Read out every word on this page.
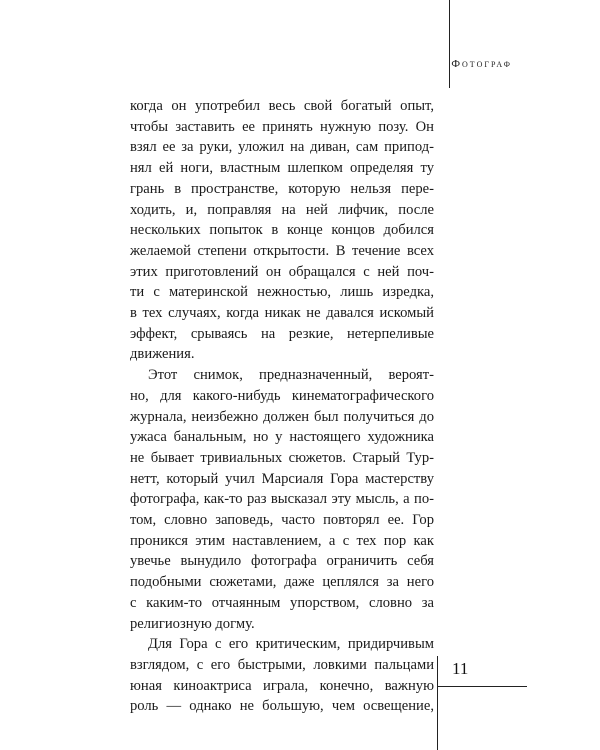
Фотограф
когда он употребил весь свой богатый опыт,
чтобы заставить ее принять нужную позу. Он
взял ее за руки, уложил на диван, сам припод-
нял ей ноги, властным шлепком определяя ту
грань в пространстве, которую нельзя пере-
ходить, и, поправляя на ней лифчик, после
нескольких попыток в конце концов добился
желаемой степени открытости. В течение всех
этих приготовлений он обращался с ней поч-
ти с материнской нежностью, лишь изредка,
в тех случаях, когда никак не давался искомый
эффект, срываясь на резкие, нетерпеливые
движения.
Этот снимок, предназначенный, вероят-
но, для какого-нибудь кинематографического
журнала, неизбежно должен был получиться до
ужаса банальным, но у настоящего художника
не бывает тривиальных сюжетов. Старый Тур-
нетт, который учил Марсиаля Гора мастерству
фотографа, как-то раз высказал эту мысль, а по-
том, словно заповедь, часто повторял ее. Гор
проникся этим наставлением, а с тех пор как
увечье вынудило фотографа ограничить себя
подобными сюжетами, даже цеплялся за него
с каким-то отчаянным упорством, словно за
религиозную догму.
Для Гора с его критическим, придирчивым
взглядом, с его быстрыми, ловкими пальцами
юная киноактриса играла, конечно, важную
роль — однако не большую, чем освещение,
11
